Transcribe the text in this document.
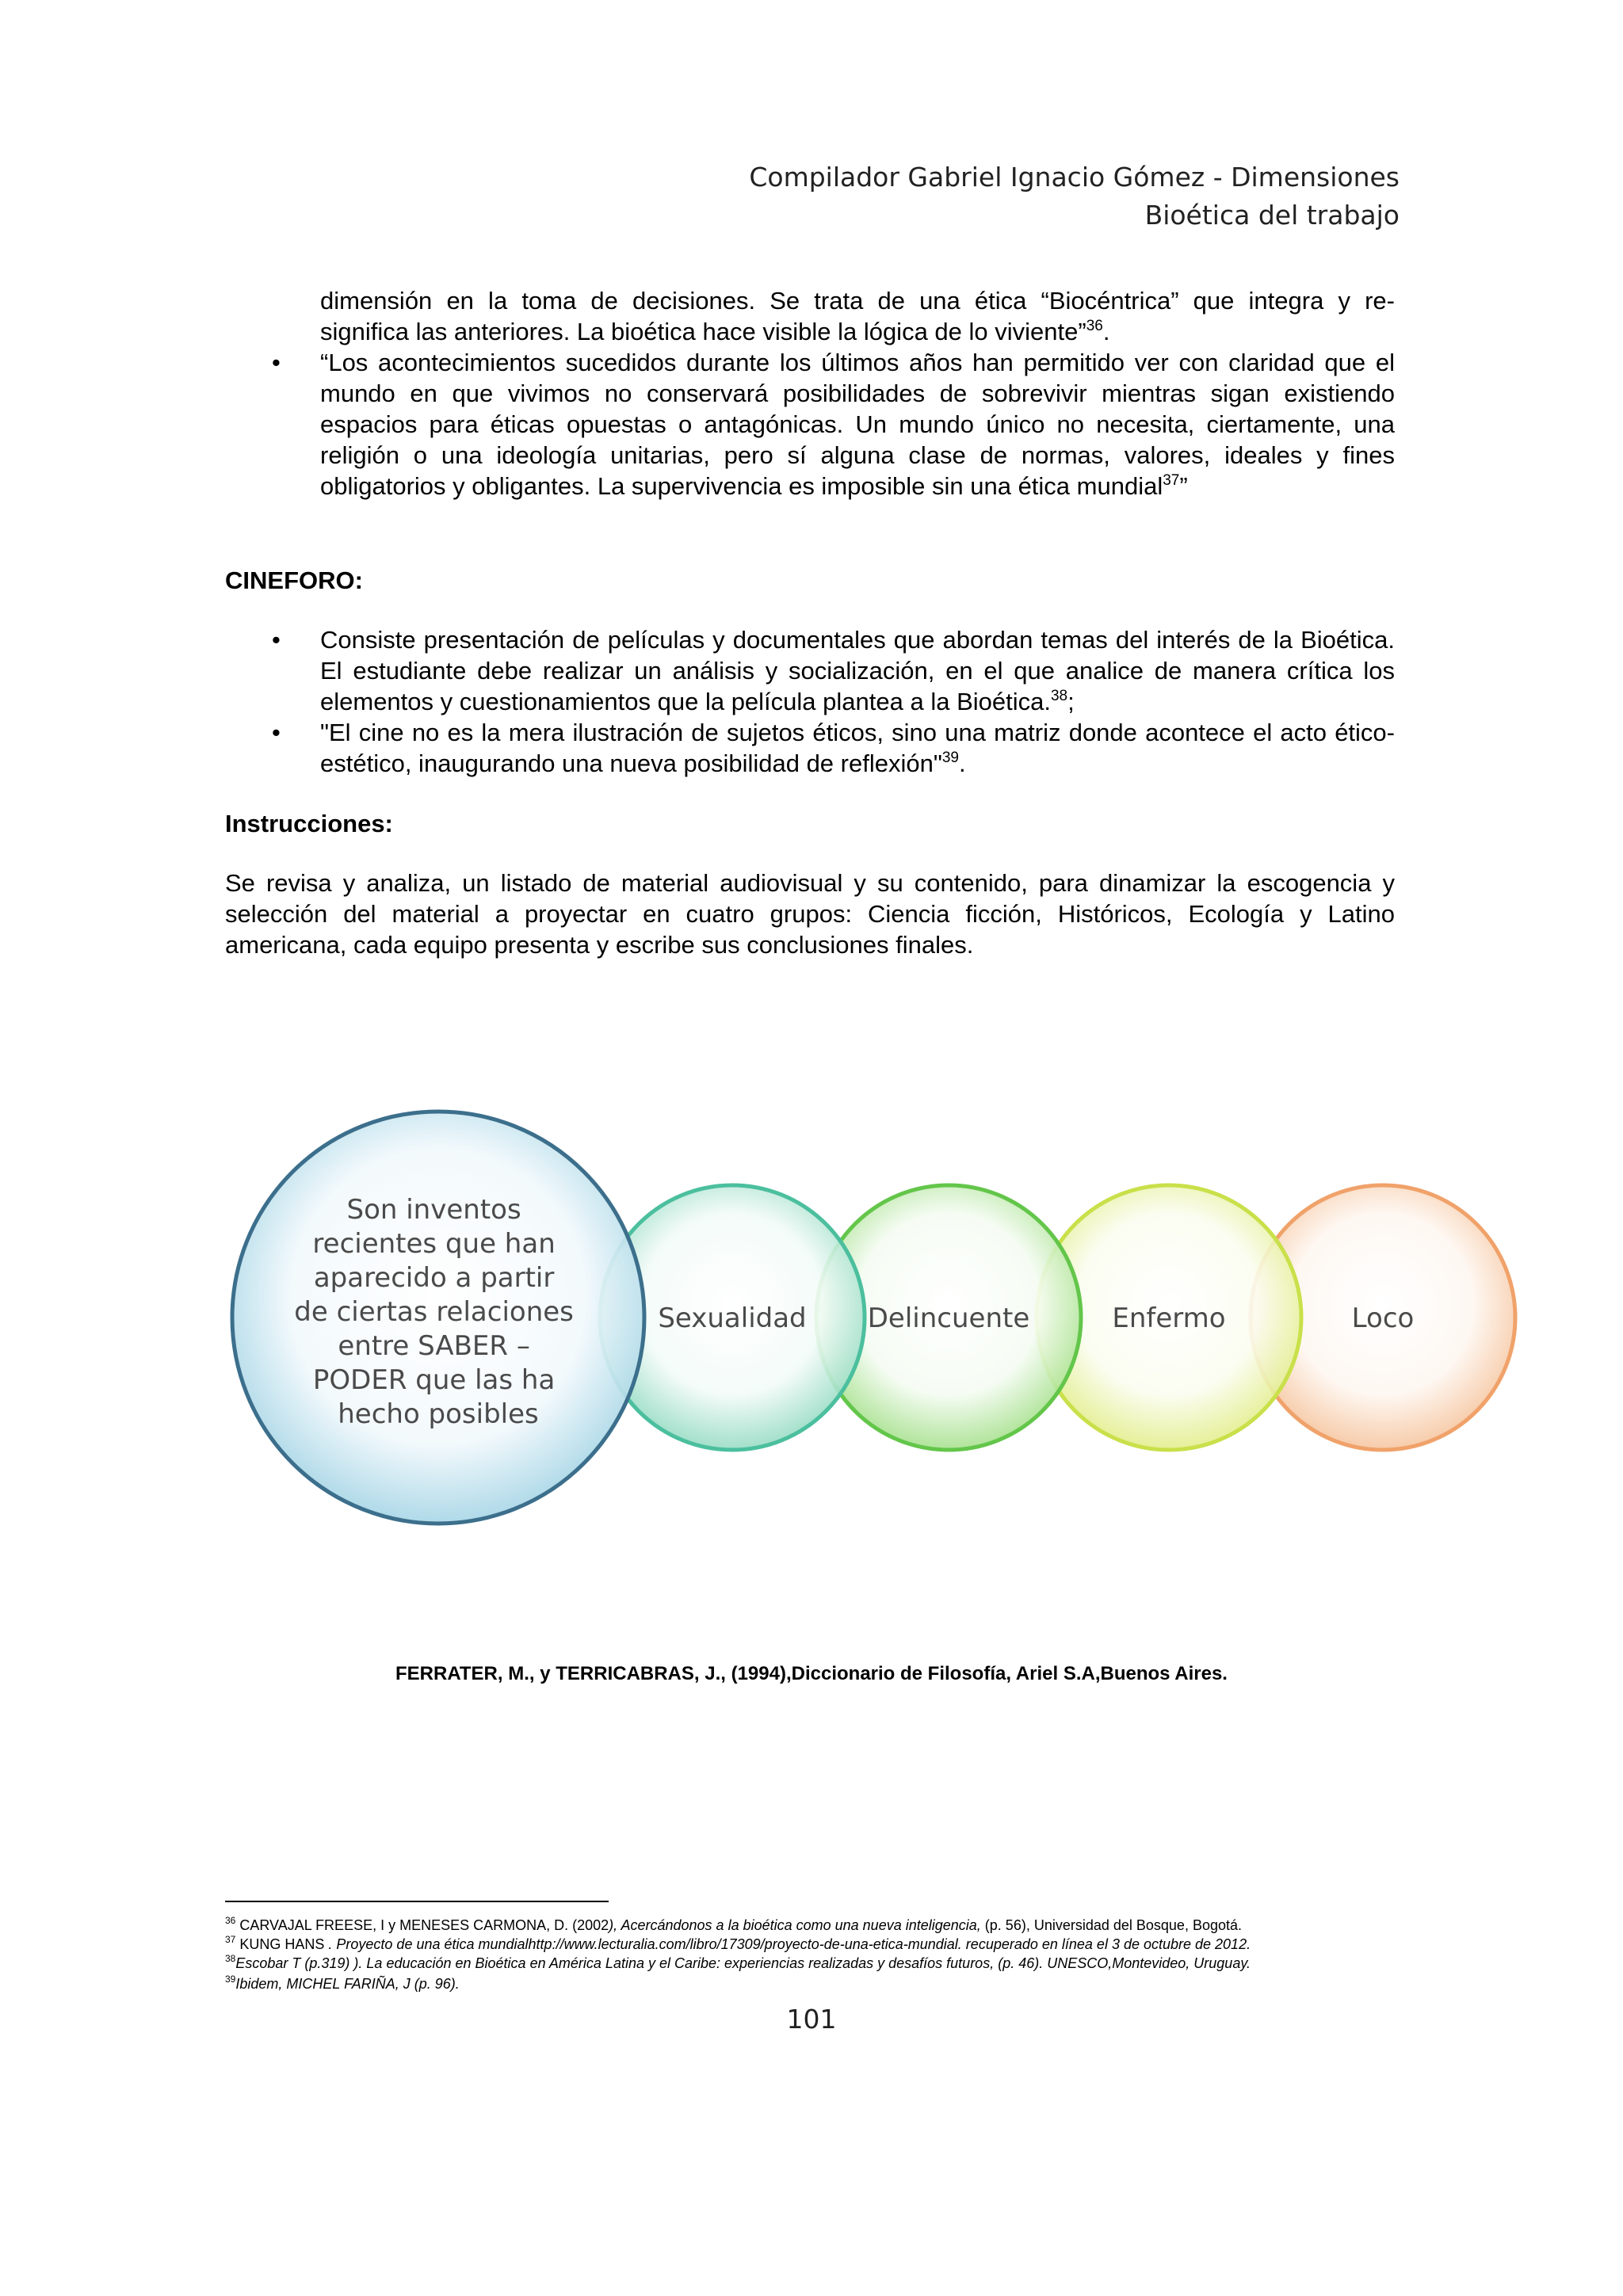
Compilador Gabriel Ignacio Gómez - Dimensiones
Bioética del trabajo
dimensión en la toma de decisiones. Se trata de una ética “Biocéntrica” que integra y re-
significa las anteriores. La bioética hace visible la lógica de lo viviente”$^{36}$.
• “Los acontecimientos sucedidos durante los últimos años han permitido ver con claridad que el mundo en que vivimos no conservará posibilidades de sobrevivir mientras sigan existiendo espacios para éticas opuestas o antagónicas. Un mundo único no necesita, ciertamente, una religión o una ideología unitarias, pero sí alguna clase de normas, valores, ideales y fines obligatorios y obligantes. La supervivencia es imposible sin una ética mundial$^{37}$”
CINEFORO:
• Consiste presentación de películas y documentales que abordan temas del interés de la Bioética. El estudiante debe realizar un análisis y socialización, en el que analice de manera crítica los elementos y cuestionamientos que la película plantea a la Bioética.$^{38}$;
• "El cine no es la mera ilustración de sujetos éticos, sino una matriz donde acontece el acto ético-estético, inaugurando una nueva posibilidad de reflexión"$^{39}$.
Instrucciones:
Se revisa y analiza, un listado de material audiovisual y su contenido, para dinamizar la escogencia y selección del material a proyectar en cuatro grupos: Ciencia ficción, Históricos, Ecología y Latino americana, cada equipo presenta y escribe sus conclusiones finales.
Son inventos recientes que han aparecido a partir de ciertas relaciones entre SABER – PODER que las ha hecho posibles
Sexualidad Delincuente	Enfermo	Loco
FERRATER, M., y TERRICABRAS, J., (1994),Diccionario de Filosofía, Ariel S.A,Buenos Aires.
$^{36}$ CARVAJAL FREESE, I y MENESES CARMONA, D. (2002), Acercándonos a la bioética como una nueva inteligencia, (p. 56), Universidad del Bosque, Bogotá.
$^{37}$ KUNG HANS . Proyecto de una ética mundialhttp://www.lecturalia.com/libro/17309/proyecto-de-una-etica-mundial. recuperado en línea el 3 de octubre de 2012.
$^{38}$Escobar T (p.319) ). La educación en Bioética en América Latina y el Caribe: experiencias realizadas y desafíos futuros, (p. 46). UNESCO,Montevideo, Uruguay.
$^{39}$Ibidem, MICHEL FARIÑA, J (p. 96).
101
